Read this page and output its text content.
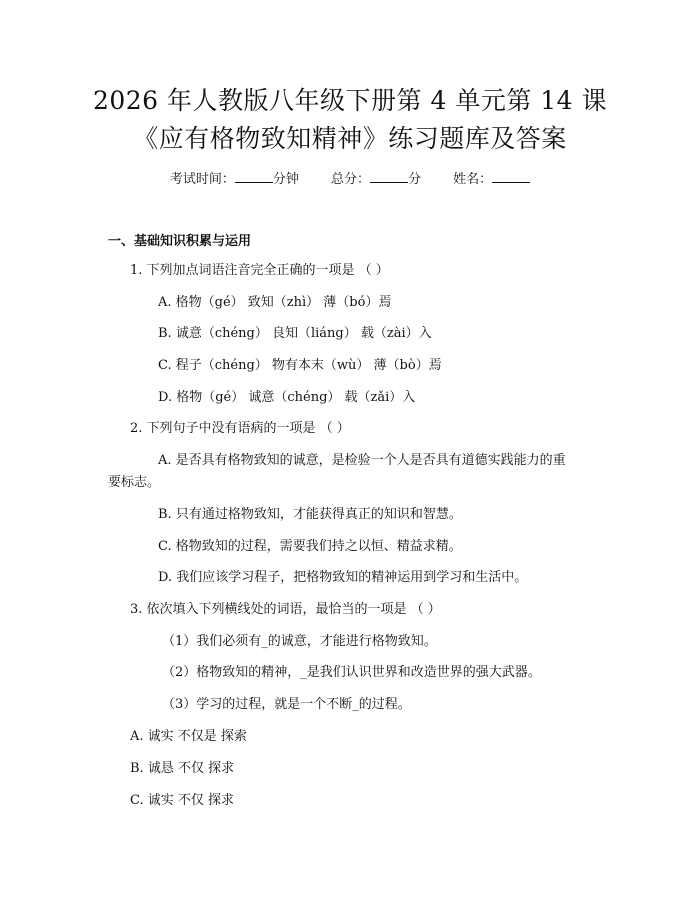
2026 年人教版八年级下册第 4 单元第 14 课
《应有格物致知精神》练习题库及答案
考试时间：	分钟 总分：	分 姓名：
一、基础知识积累与运用
1. 下列加点词语注音完全正确的一项是 （ ）
A. 格物（gé） 致知（zhì） 薄（bó）焉
B. 诚意（chéng） 良知（liáng） 载（zài）入
C. 程子（chéng） 物有本末（wù） 薄（bò）焉
D. 格物（gé） 诚意（chéng） 载（zǎi）入
2. 下列句子中没有语病的一项是 （ ）
A. 是否具有格物致知的诚意，是检验一个人是否具有道德实践能力的重
要标志。
B. 只有通过格物致知，才能获得真正的知识和智慧。
C. 格物致知的过程，需要我们持之以恒、精益求精。
D. 我们应该学习程子，把格物致知的精神运用到学习和生活中。
3. 依次填入下列横线处的词语，最恰当的一项是 （ ）
（1）我们必须有_的诚意，才能进行格物致知。
（2）格物致知的精神，_是我们认识世界和改造世界的强大武器。
（3）学习的过程，就是一个不断_的过程。
A. 诚实 不仅是 探索
B. 诚恳 不仅 探求
C. 诚实 不仅 探求
